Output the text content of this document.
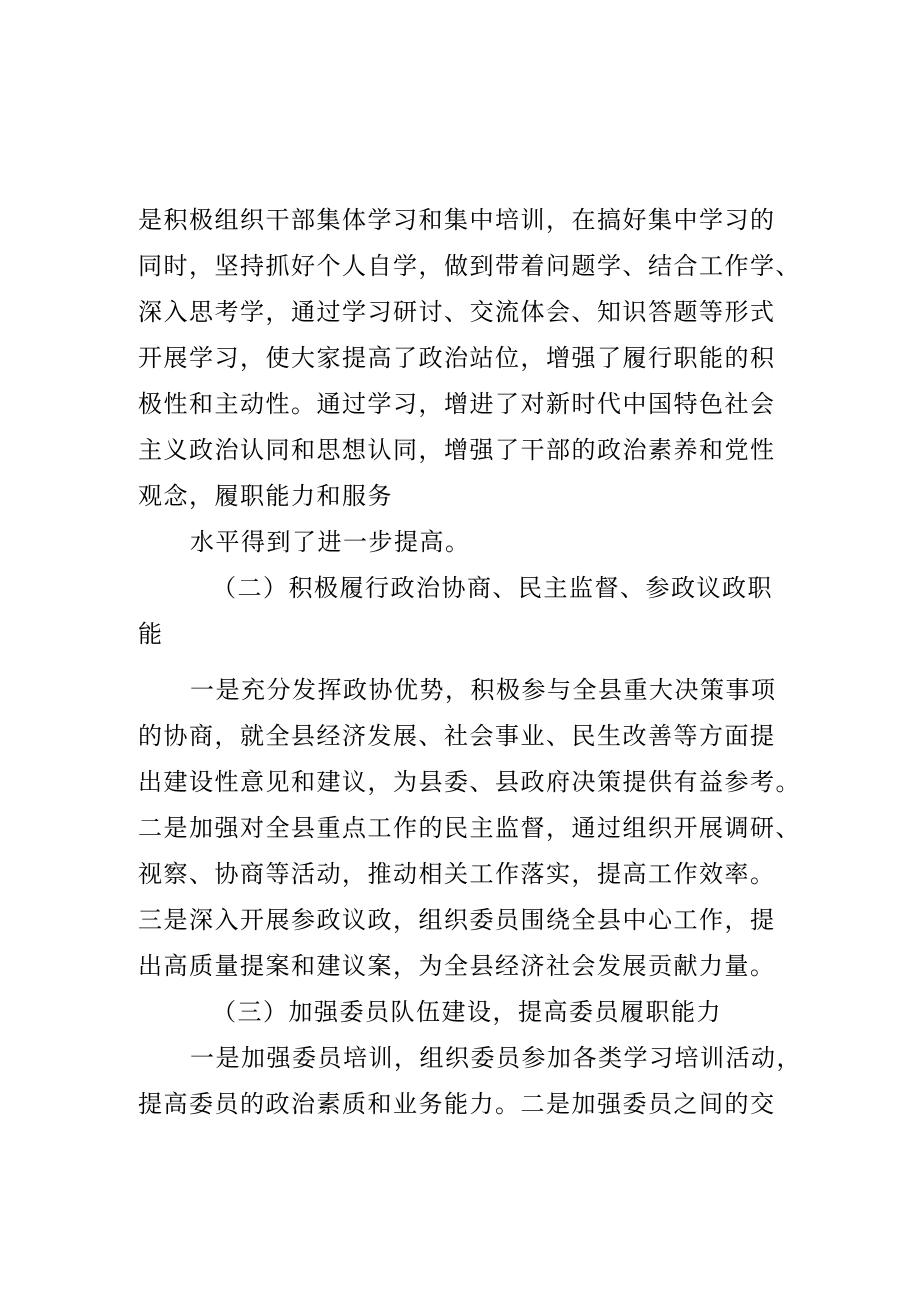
是积极组织干部集体学习和集中培训，在搞好集中学习的
同时，坚持抓好个人自学，做到带着问题学、结合工作学、
深入思考学，通过学习研讨、交流体会、知识答题等形式
开展学习，使大家提高了政治站位，增强了履行职能的积
极性和主动性。通过学习，增进了对新时代中国特色社会
主义政治认同和思想认同，增强了干部的政治素养和党性
观念，履职能力和服务
水平得到了进一步提高。
（二）积极履行政治协商、民主监督、参政议政职
能
一是充分发挥政协优势，积极参与全县重大决策事项
的协商，就全县经济发展、社会事业、民生改善等方面提
出建设性意见和建议，为县委、县政府决策提供有益参考。
二是加强对全县重点工作的民主监督，通过组织开展调研、
视察、协商等活动，推动相关工作落实，提高工作效率。
三是深入开展参政议政，组织委员围绕全县中心工作，提
出高质量提案和建议案，为全县经济社会发展贡献力量。
（三）加强委员队伍建设，提高委员履职能力
一是加强委员培训，组织委员参加各类学习培训活动，
提高委员的政治素质和业务能力。二是加强委员之间的交
